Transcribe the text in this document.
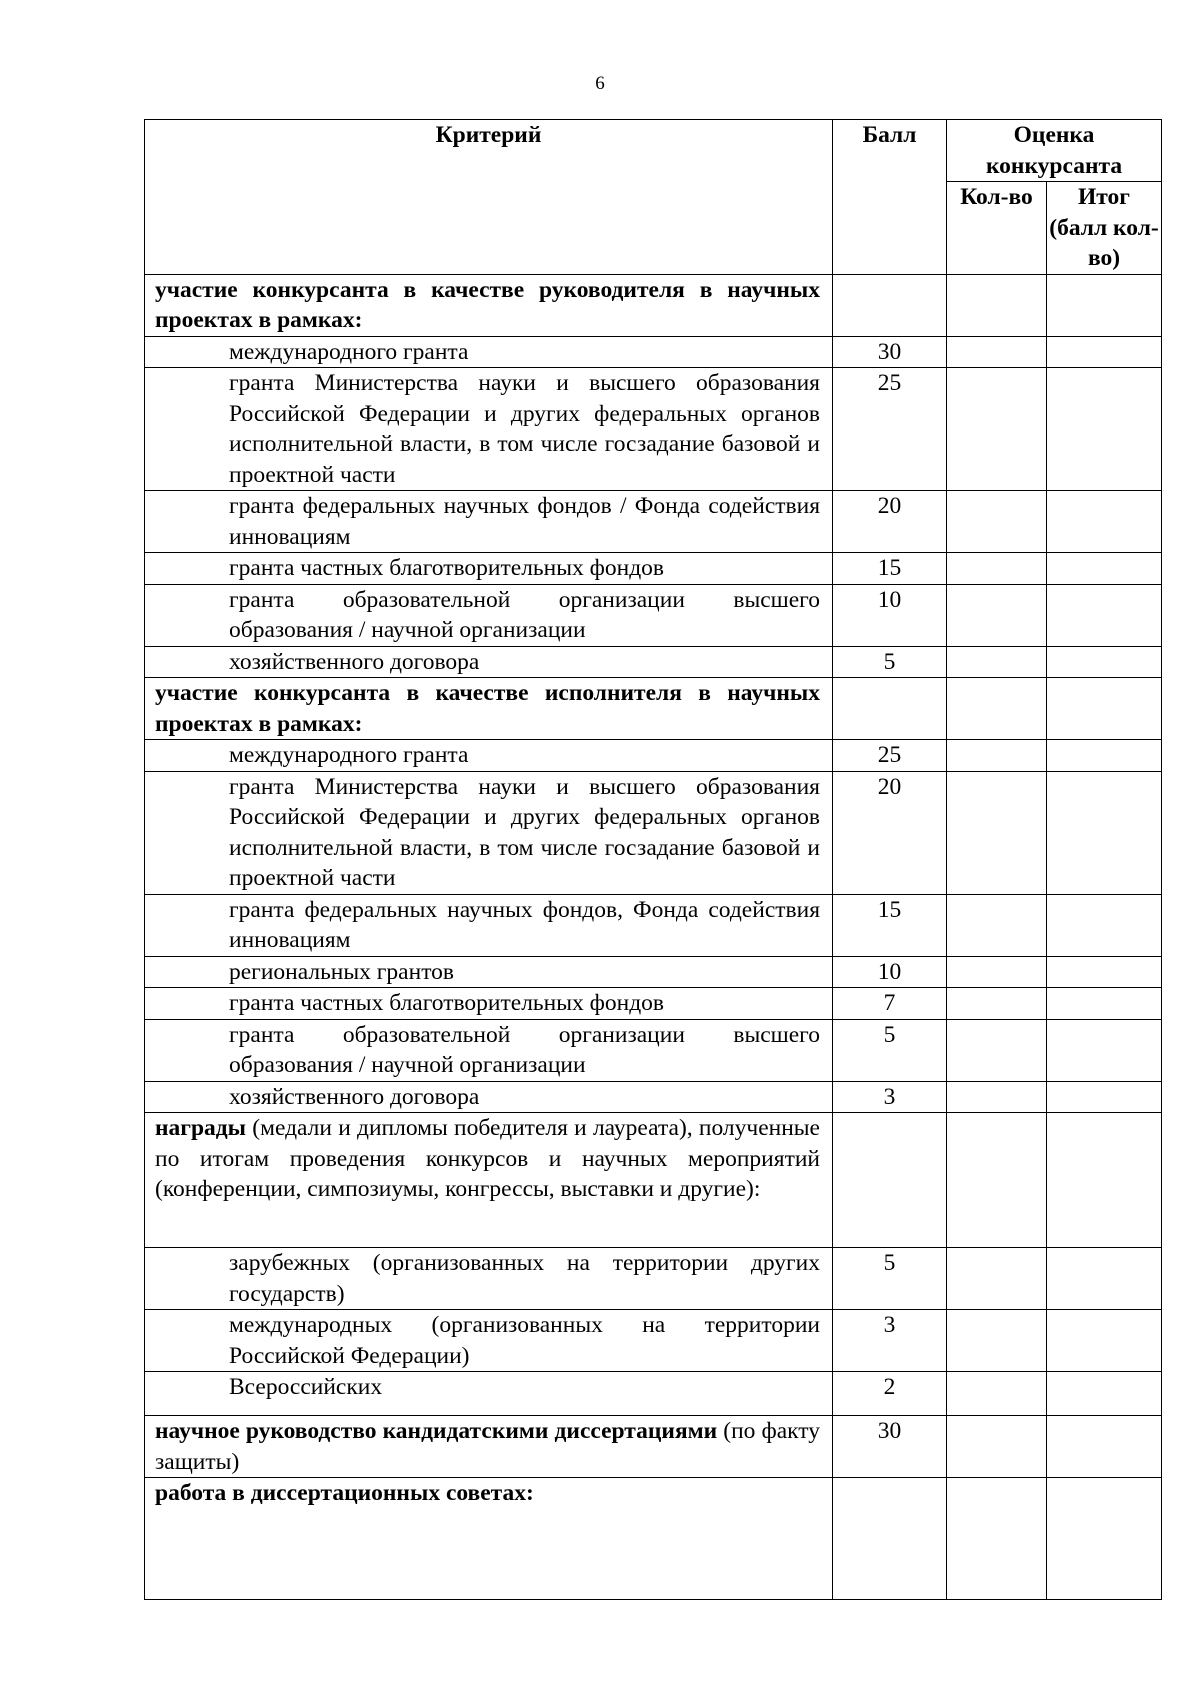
6
Критерий	Балл	Оценка конкурсанта	
		Кол-во	Итог (балл кол-во)
участие конкурсанта в качестве руководителя в научных проектах в рамках:			
международного гранта	30		
гранта Министерства науки и высшего образования Российской Федерации и других федеральных органов исполнительной власти, в том числе госзадание базовой и проектной части	25		
гранта федеральных научных фондов / Фонда содействия инновациям	20		
гранта частных благотворительных фондов	15		
гранта образовательной организации высшего образования / научной организации	10		
хозяйственного договора	5		
участие конкурсанта в качестве исполнителя в научных проектах в рамках:			
международного гранта	25		
гранта Министерства науки и высшего образования Российской Федерации и других федеральных органов исполнительной власти, в том числе госзадание базовой и проектной части	20		
гранта федеральных научных фондов, Фонда содействия инновациям	15		
региональных грантов	10		
гранта частных благотворительных фондов	7		
гранта образовательной организации высшего образования / научной организации	5		
хозяйственного договора	3		
награды (медали и дипломы победителя и лауреата), полученные по итогам проведения конкурсов и научных мероприятий (конференции, симпозиумы, конгрессы, выставки и другие):			
зарубежных (организованных на территории других государств)	5		
международных (организованных на территории Российской Федерации)	3		
Всероссийских	2		
научное руководство кандидатскими диссертациями (по факту защиты)	30		
работа в диссертационных советах:			
